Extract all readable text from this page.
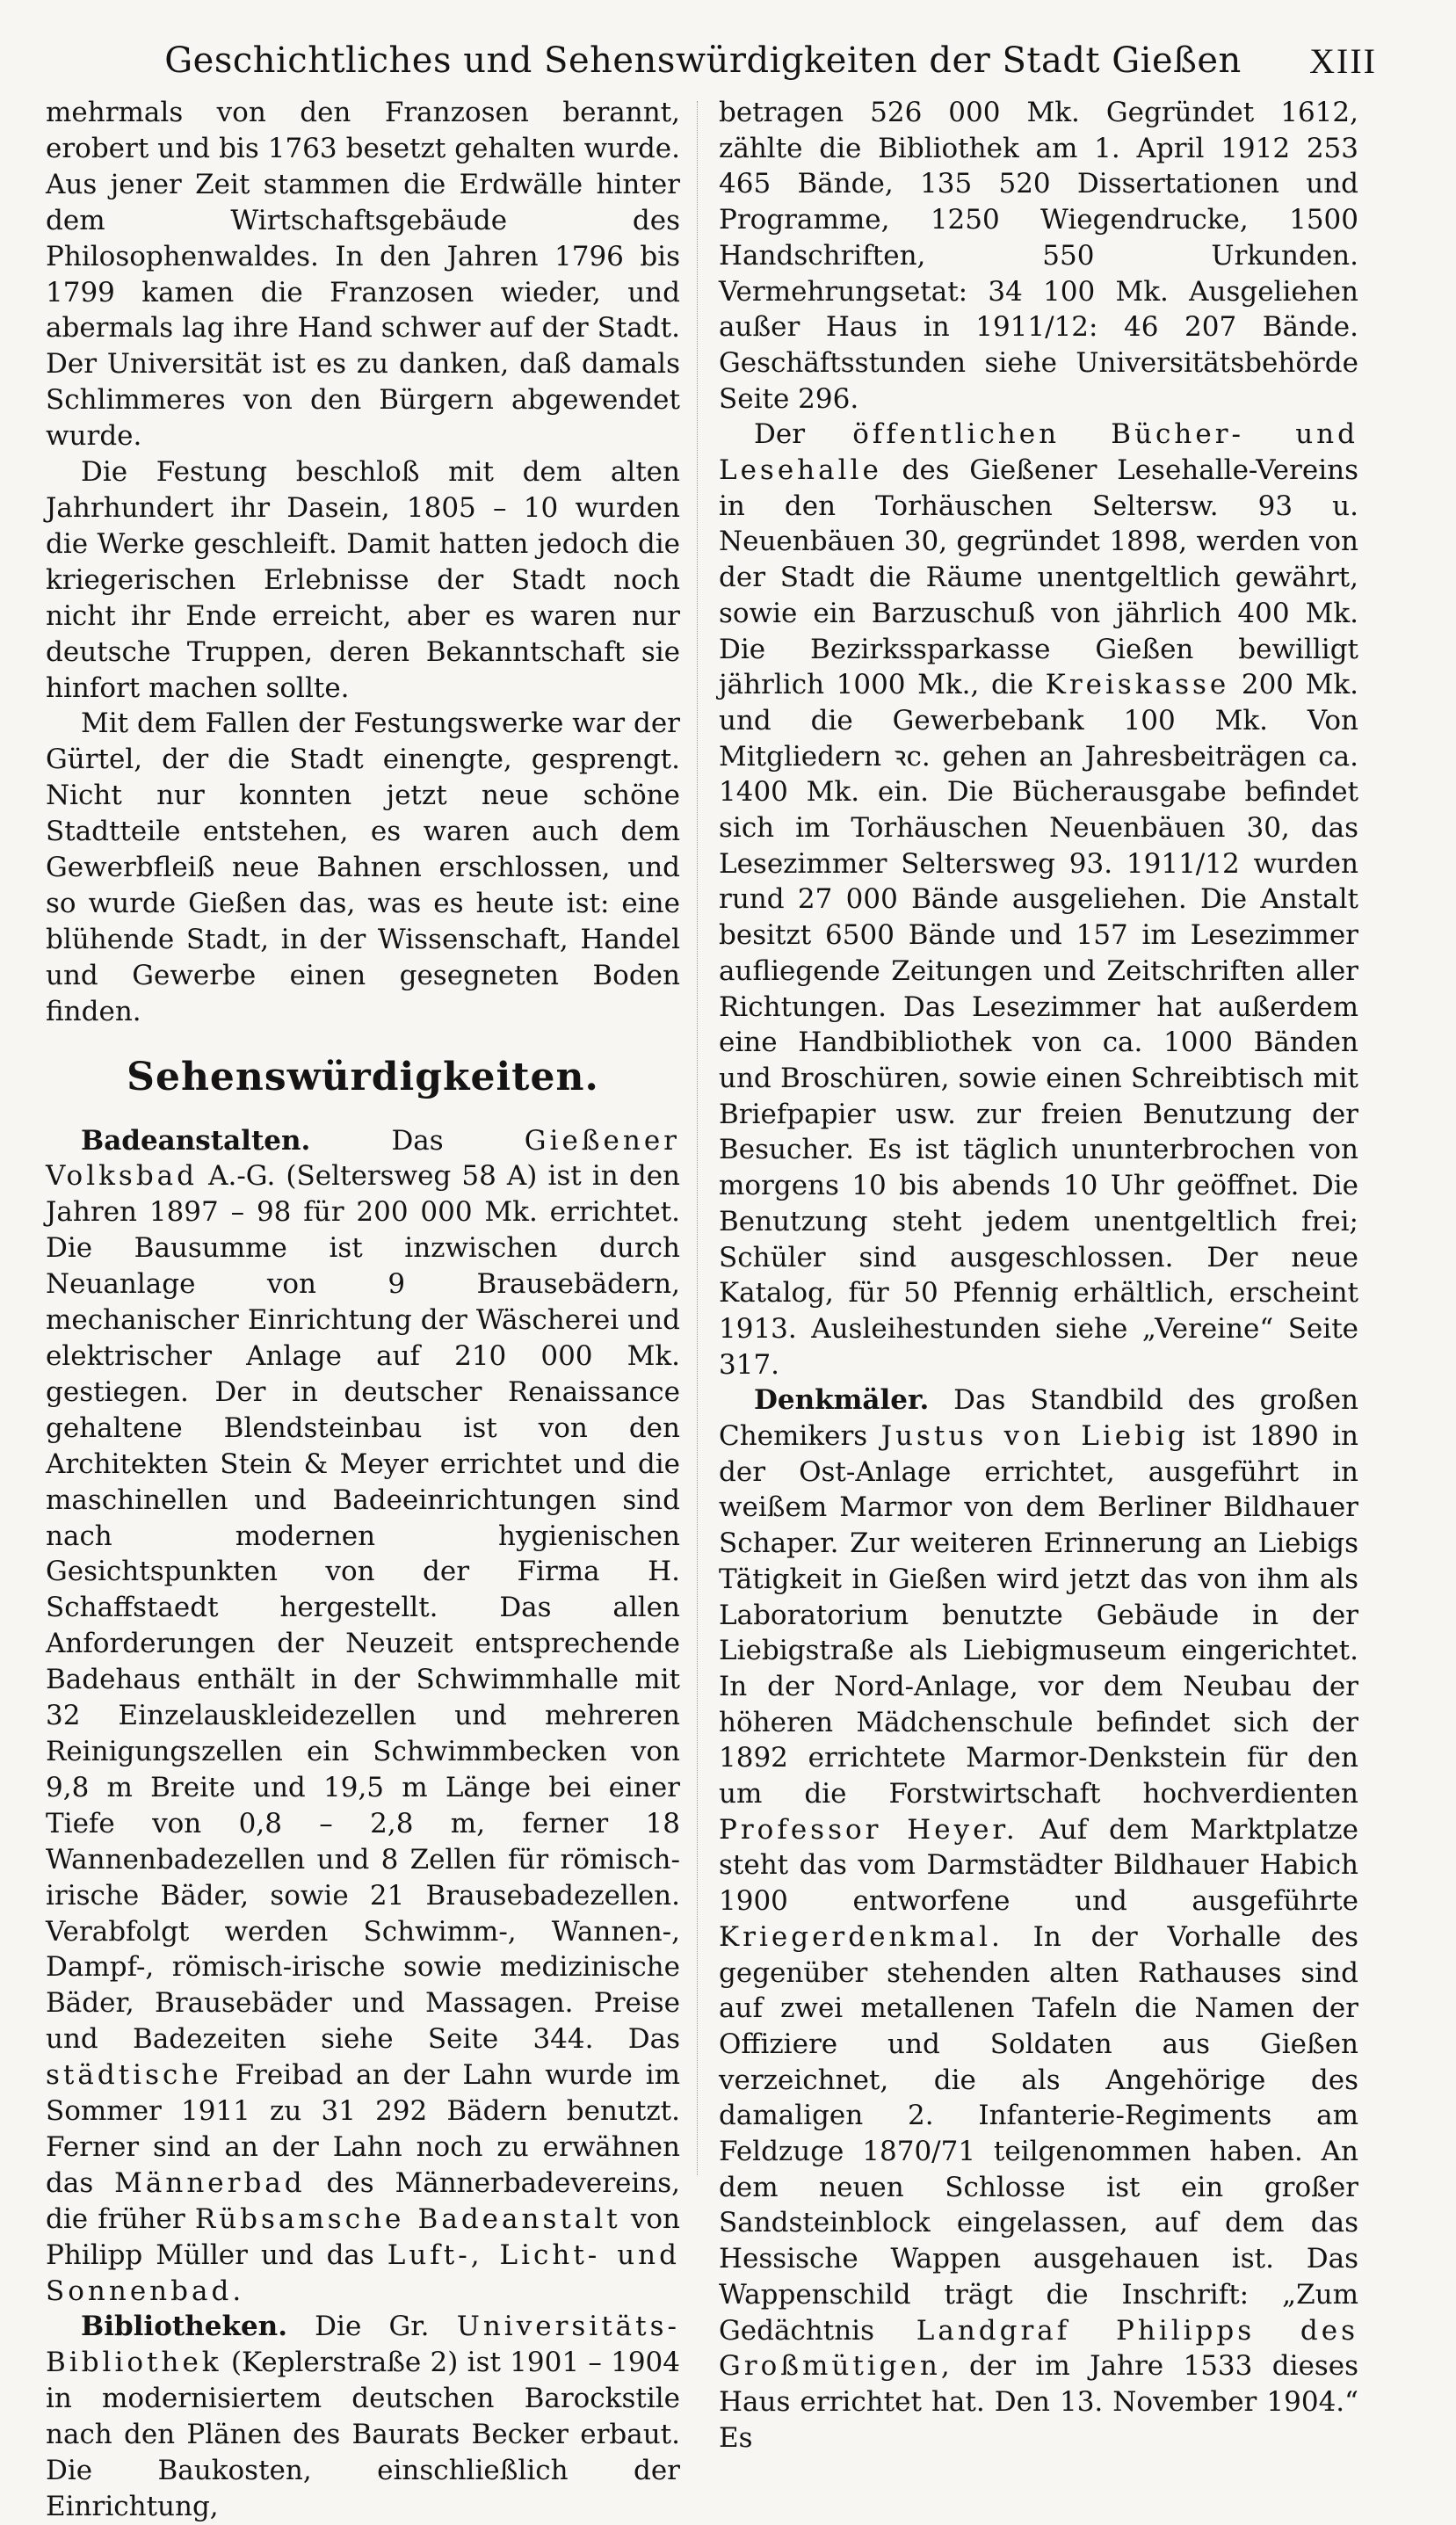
Geschichtliches und Sehenswürdigkeiten der Stadt Gießen	XIII

mehrmals von den Franzosen berannt, erobert und bis 1763 besetzt gehalten wurde. Aus jener Zeit stammen die Erdwälle hinter dem Wirtschaftsgebäude des Philosophenwaldes. In den Jahren 1796 bis 1799 kamen die Franzosen wieder, und abermals lag ihre Hand schwer auf der Stadt. Der Universität ist es zu danken, daß damals Schlimmeres von den Bürgern abgewendet wurde.

Die Festung beschloß mit dem alten Jahrhundert ihr Dasein, 1805 – 10 wurden die Werke geschleift. Damit hatten jedoch die kriegerischen Erlebnisse der Stadt noch nicht ihr Ende erreicht, aber es waren nur deutsche Truppen, deren Bekanntschaft sie hinfort machen sollte.

Mit dem Fallen der Festungswerke war der Gürtel, der die Stadt einengte, gesprengt. Nicht nur konnten jetzt neue schöne Stadtteile entstehen, es waren auch dem Gewerbfleiß neue Bahnen erschlossen, und so wurde Gießen das, was es heute ist: eine blühende Stadt, in der Wissenschaft, Handel und Gewerbe einen gesegneten Boden finden.

Sehenswürdigkeiten.

Badeanstalten.	Das Gießener Volksbad A.-G. (Seltersweg 58 A) ist in den Jahren 1897 – 98 für 200 000 Mk. errichtet. Die Bausumme ist inzwischen durch Neuanlage von 9 Brausebädern, mechanischer Einrichtung der Wäscherei und elektrischer Anlage auf 210 000 Mk. gestiegen. Der in deutscher Renaissance gehaltene Blendsteinbau ist von den Architekten Stein & Meyer errichtet und die maschinellen und Badeeinrichtungen sind nach modernen hygienischen Gesichtspunkten von der Firma H. Schaffstaedt hergestellt. Das allen Anforderungen der Neuzeit entsprechende Badehaus enthält in der Schwimmhalle mit 32 Einzelauskleidezellen und mehreren Reinigungszellen ein Schwimmbecken von 9,8 m Breite und 19,5 m Länge bei einer Tiefe von 0,8 – 2,8 m, ferner 18 Wannenbadezellen und 8 Zellen für römisch-irische Bäder, sowie 21 Brausebadezellen. Verabfolgt werden Schwimm-, Wannen-, Dampf-, römisch-irische sowie medizinische Bäder, Brausebäder und Massagen. Preise und Badezeiten siehe Seite 344. Das städtische Freibad an der Lahn wurde im Sommer 1911 zu 31 292 Bädern benutzt. Ferner sind an der Lahn noch zu erwähnen das Männerbad des Männerbadevereins, die früher Rübsamsche Badeanstalt von Philipp Müller und das Luft-, Licht- und Sonnenbad.

Bibliotheken. Die Gr. Universitäts-Bibliothek (Keplerstraße 2) ist 1901 – 1904 in modernisiertem deutschen Barockstile nach den Plänen des Baurats Becker erbaut. Die Baukosten, einschließlich der Einrichtung,

betragen 526 000 Mk. Gegründet 1612, zählte die Bibliothek am 1. April 1912 253 465 Bände, 135 520 Dissertationen und Programme, 1250 Wiegendrucke, 1500 Handschriften, 550 Urkunden. Vermehrungsetat: 34 100 Mk. Ausgeliehen außer Haus in 1911/12: 46 207 Bände. Geschäftsstunden siehe Universitätsbehörde Seite 296.

Der öffentlichen Bücher- und Lesehalle des Gießener Lesehalle-Vereins in den Torhäuschen Seltersw. 93 u. Neuenbäuen 30, gegründet 1898, werden von der Stadt die Räume unentgeltlich gewährt, sowie ein Barzuschuß von jährlich 400 Mk. Die Bezirkssparkasse Gießen bewilligt jährlich 1000 Mk., die Kreiskasse 200 Mk. und die Gewerbebank 100 Mk. Von Mitgliedern ꝛc. gehen an Jahresbeiträgen ca. 1400 Mk. ein. Die Bücherausgabe befindet sich im Torhäuschen Neuenbäuen 30, das Lesezimmer Seltersweg 93. 1911/12 wurden rund 27 000 Bände ausgeliehen. Die Anstalt besitzt 6500 Bände und 157 im Lesezimmer aufliegende Zeitungen und Zeitschriften aller Richtungen. Das Lesezimmer hat außerdem eine Handbibliothek von ca. 1000 Bänden und Broschüren, sowie einen Schreibtisch mit Briefpapier usw. zur freien Benutzung der Besucher. Es ist täglich ununterbrochen von morgens 10 bis abends 10 Uhr geöffnet. Die Benutzung steht jedem unentgeltlich frei; Schüler sind ausgeschlossen. Der neue Katalog, für 50 Pfennig erhältlich, erscheint 1913. Ausleihestunden siehe „Vereine“ Seite 317.

Denkmäler. Das Standbild des großen Chemikers Justus von Liebig ist 1890 in der Ost-Anlage errichtet, ausgeführt in weißem Marmor von dem Berliner Bildhauer Schaper. Zur weiteren Erinnerung an Liebigs Tätigkeit in Gießen wird jetzt das von ihm als Laboratorium benutzte Gebäude in der Liebigstraße als Liebigmuseum eingerichtet. In der Nord-Anlage, vor dem Neubau der höheren Mädchenschule befindet sich der 1892 errichtete Marmor-Denkstein für den um die Forstwirtschaft hochverdienten Professor Heyer. Auf dem Marktplatze steht das vom Darmstädter Bildhauer Habich 1900 entworfene und ausgeführte Kriegerdenkmal. In der Vorhalle des gegenüber stehenden alten Rathauses sind auf zwei metallenen Tafeln die Namen der Offiziere und Soldaten aus Gießen verzeichnet, die als Angehörige des damaligen 2. Infanterie-Regiments am Feldzuge 1870/71 teilgenommen haben. An dem neuen Schlosse ist ein großer Sandsteinblock eingelassen, auf dem das Hessische Wappen ausgehauen ist. Das Wappenschild trägt die Inschrift: „Zum Gedächtnis Landgraf Philipps des Großmütigen, der im Jahre 1533 dieses Haus errichtet hat. Den 13. November 1904.“ Es
